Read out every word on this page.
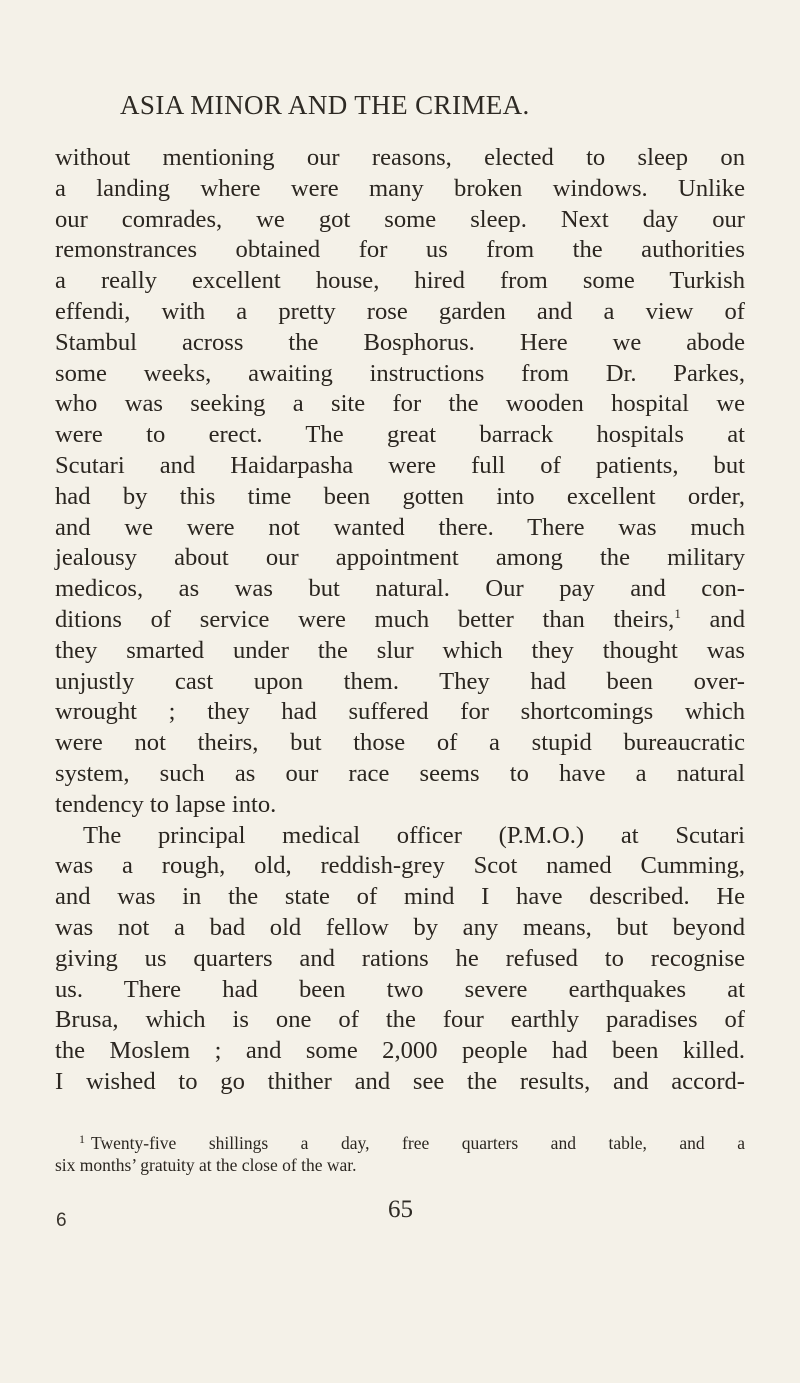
ASIA MINOR AND THE CRIMEA.
without mentioning our reasons, elected to sleep on
a landing where were many broken windows. Unlike
our comrades, we got some sleep. Next day our
remonstrances obtained for us from the authorities
a really excellent house, hired from some Turkish
effendi, with a pretty rose garden and a view of
Stambul across the Bosphorus. Here we abode
some weeks, awaiting instructions from Dr. Parkes,
who was seeking a site for the wooden hospital we
were to erect. The great barrack hospitals at
Scutari and Haidarpasha were full of patients, but
had by this time been gotten into excellent order,
and we were not wanted there. There was much
jealousy about our appointment among the military
medicos, as was but natural. Our pay and con-
ditions of service were much better than theirs,$^1$ and
they smarted under the slur which they thought was
unjustly cast upon them. They had been over-
wrought ; they had suffered for shortcomings which
were not theirs, but those of a stupid bureaucratic
system, such as our race seems to have a natural
tendency to lapse into.
The principal medical officer (P.M.O.) at Scutari
was a rough, old, reddish-grey Scot named Cumming,
and was in the state of mind I have described. He
was not a bad old fellow by any means, but beyond
giving us quarters and rations he refused to recognise
us. There had been two severe earthquakes at
Brusa, which is one of the four earthly paradises of
the Moslem ; and some 2,000 people had been killed.
I wished to go thither and see the results, and accord-
$^1$ Twenty-five shillings a day, free quarters and table, and a
six months’ gratuity at the close of the war.
65
6
